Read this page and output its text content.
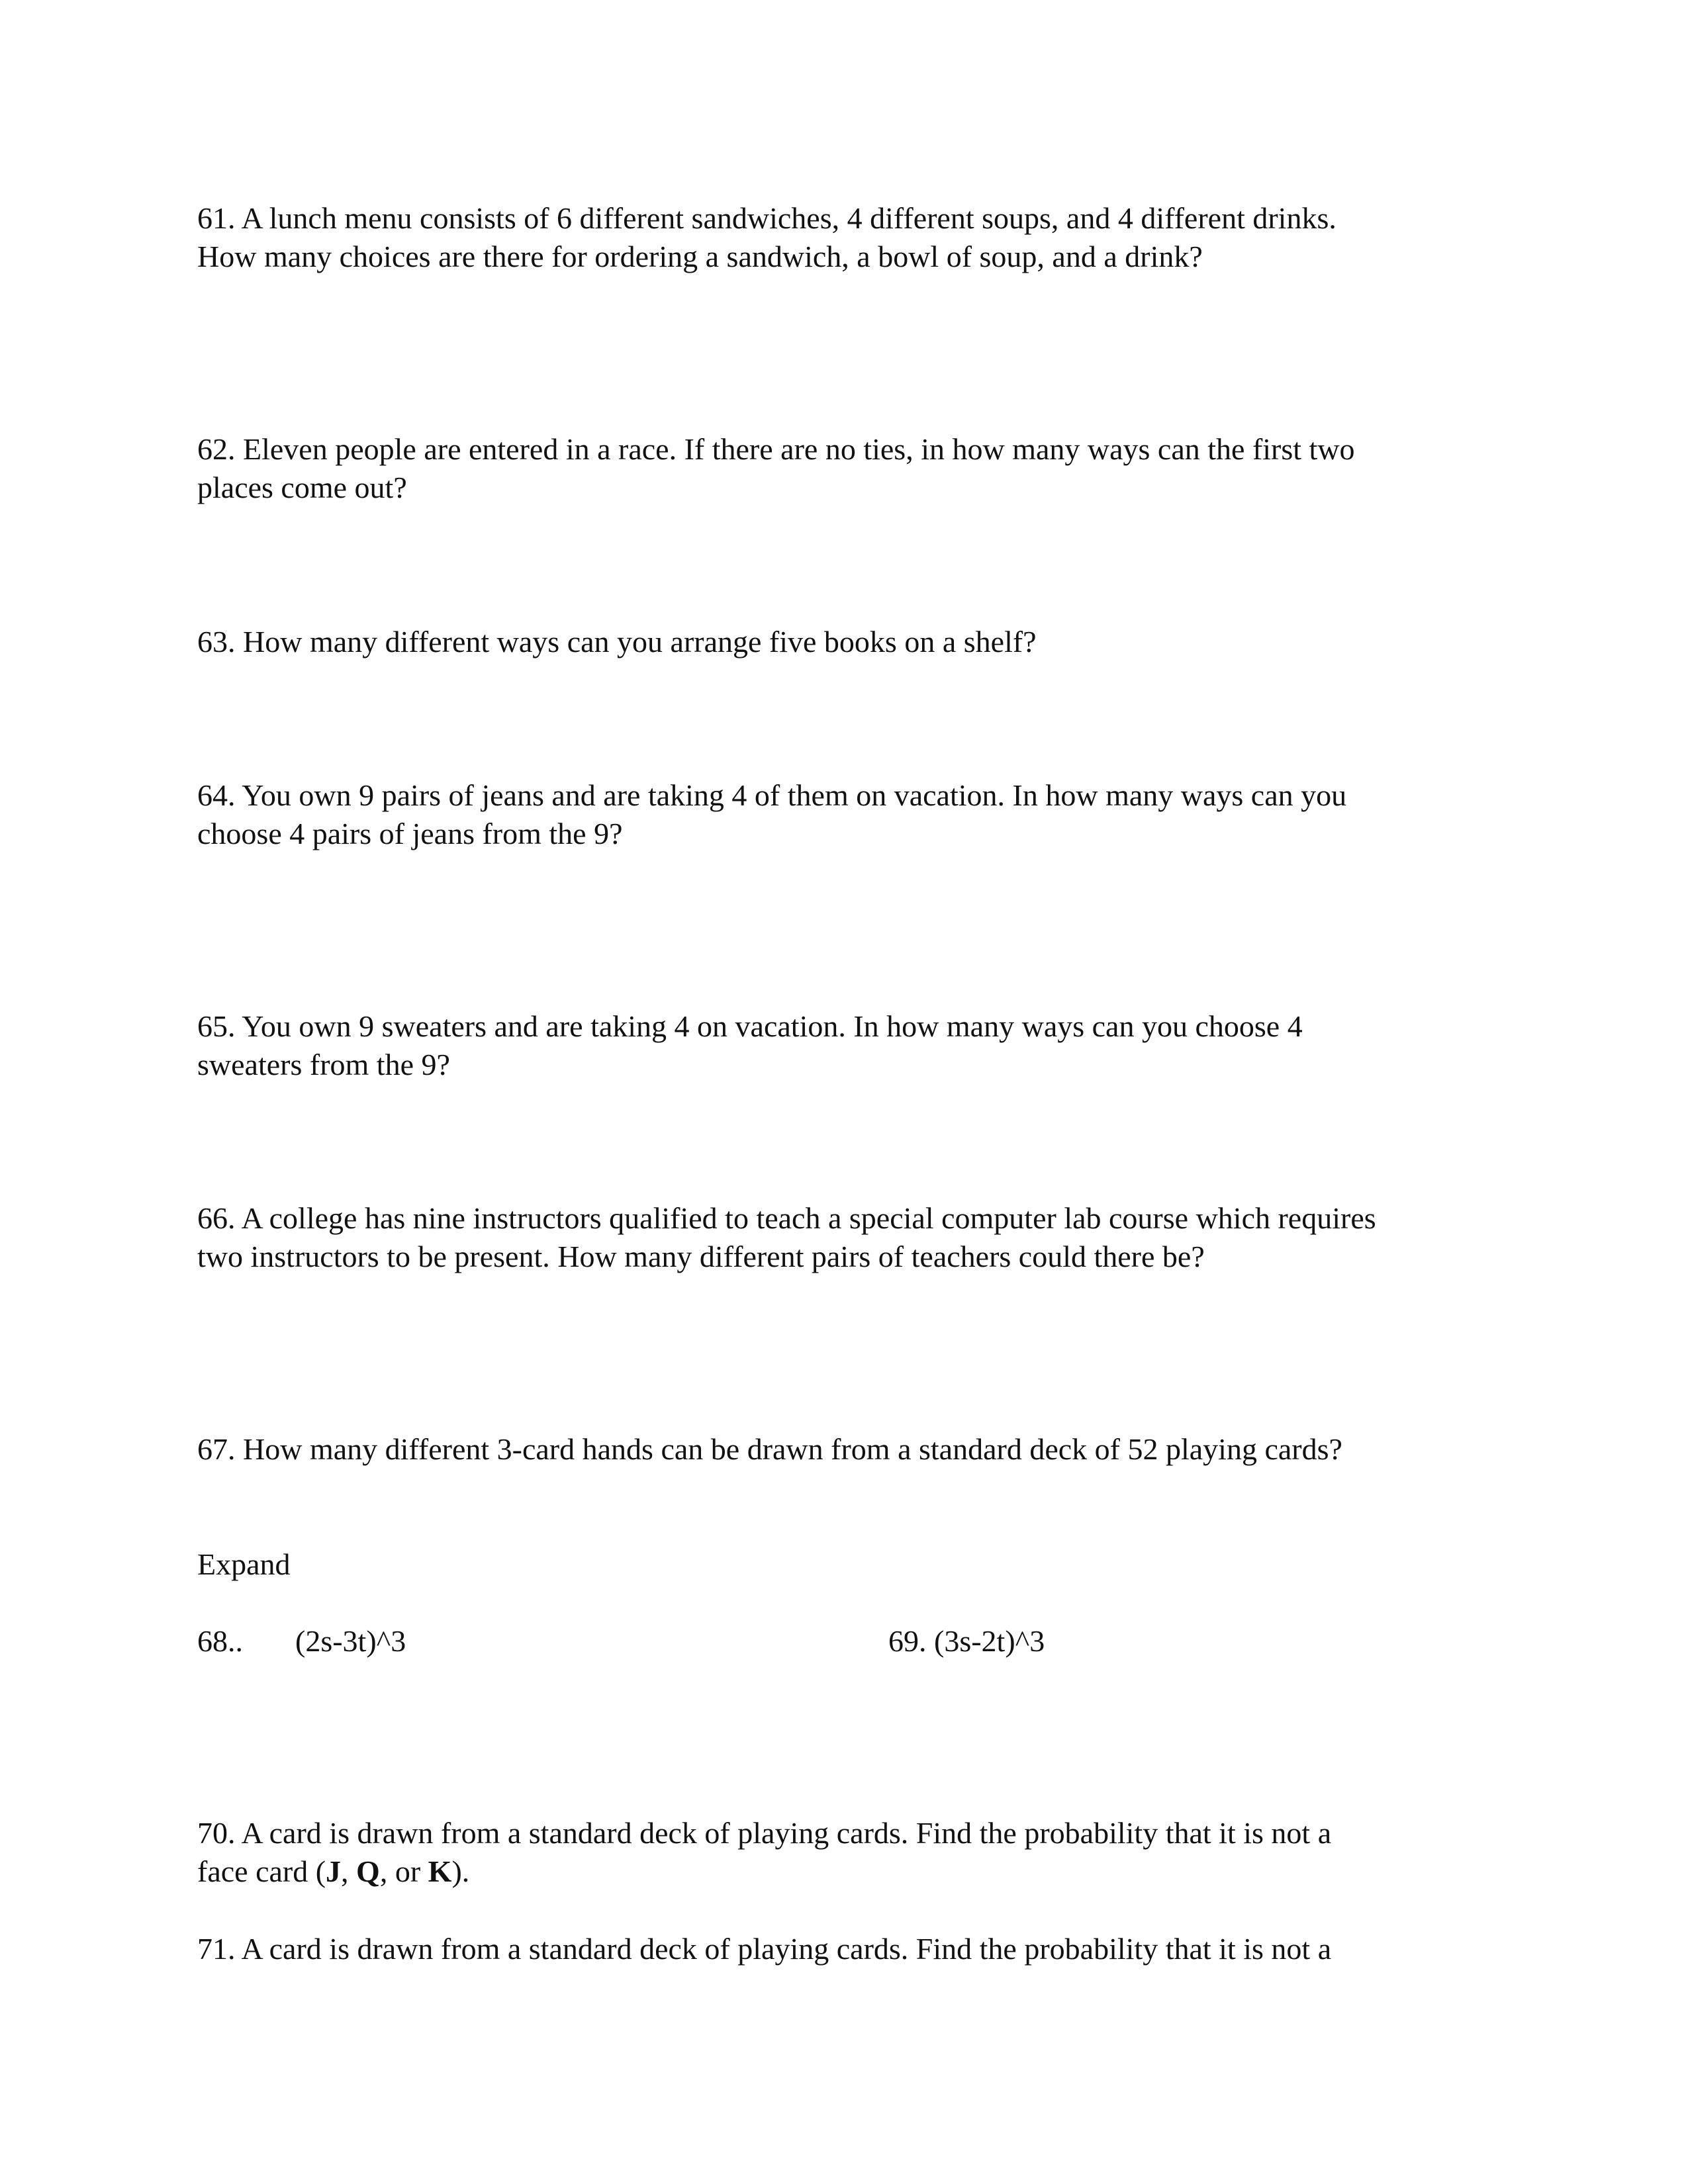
61. A lunch menu consists of 6 different sandwiches, 4 different soups, and 4 different drinks.
How many choices are there for ordering a sandwich, a bowl of soup, and a drink?

62. Eleven people are entered in a race. If there are no ties, in how many ways can the first two
places come out?

63. How many different ways can you arrange five books on a shelf?

64. You own 9 pairs of jeans and are taking 4 of them on vacation. In how many ways can you
choose 4 pairs of jeans from the 9?

65. You own 9 sweaters and are taking 4 on vacation. In how many ways can you choose 4
sweaters from the 9?

66. A college has nine instructors qualified to teach a special computer lab course which requires
two instructors to be present. How many different pairs of teachers could there be?

67. How many different 3-card hands can be drawn from a standard deck of 52 playing cards?

Expand

68.. (2s-3t)^3	69. (3s-2t)^3

70. A card is drawn from a standard deck of playing cards. Find the probability that it is not a
face card (J, Q, or K).

71. A card is drawn from a standard deck of playing cards. Find the probability that it is not a
